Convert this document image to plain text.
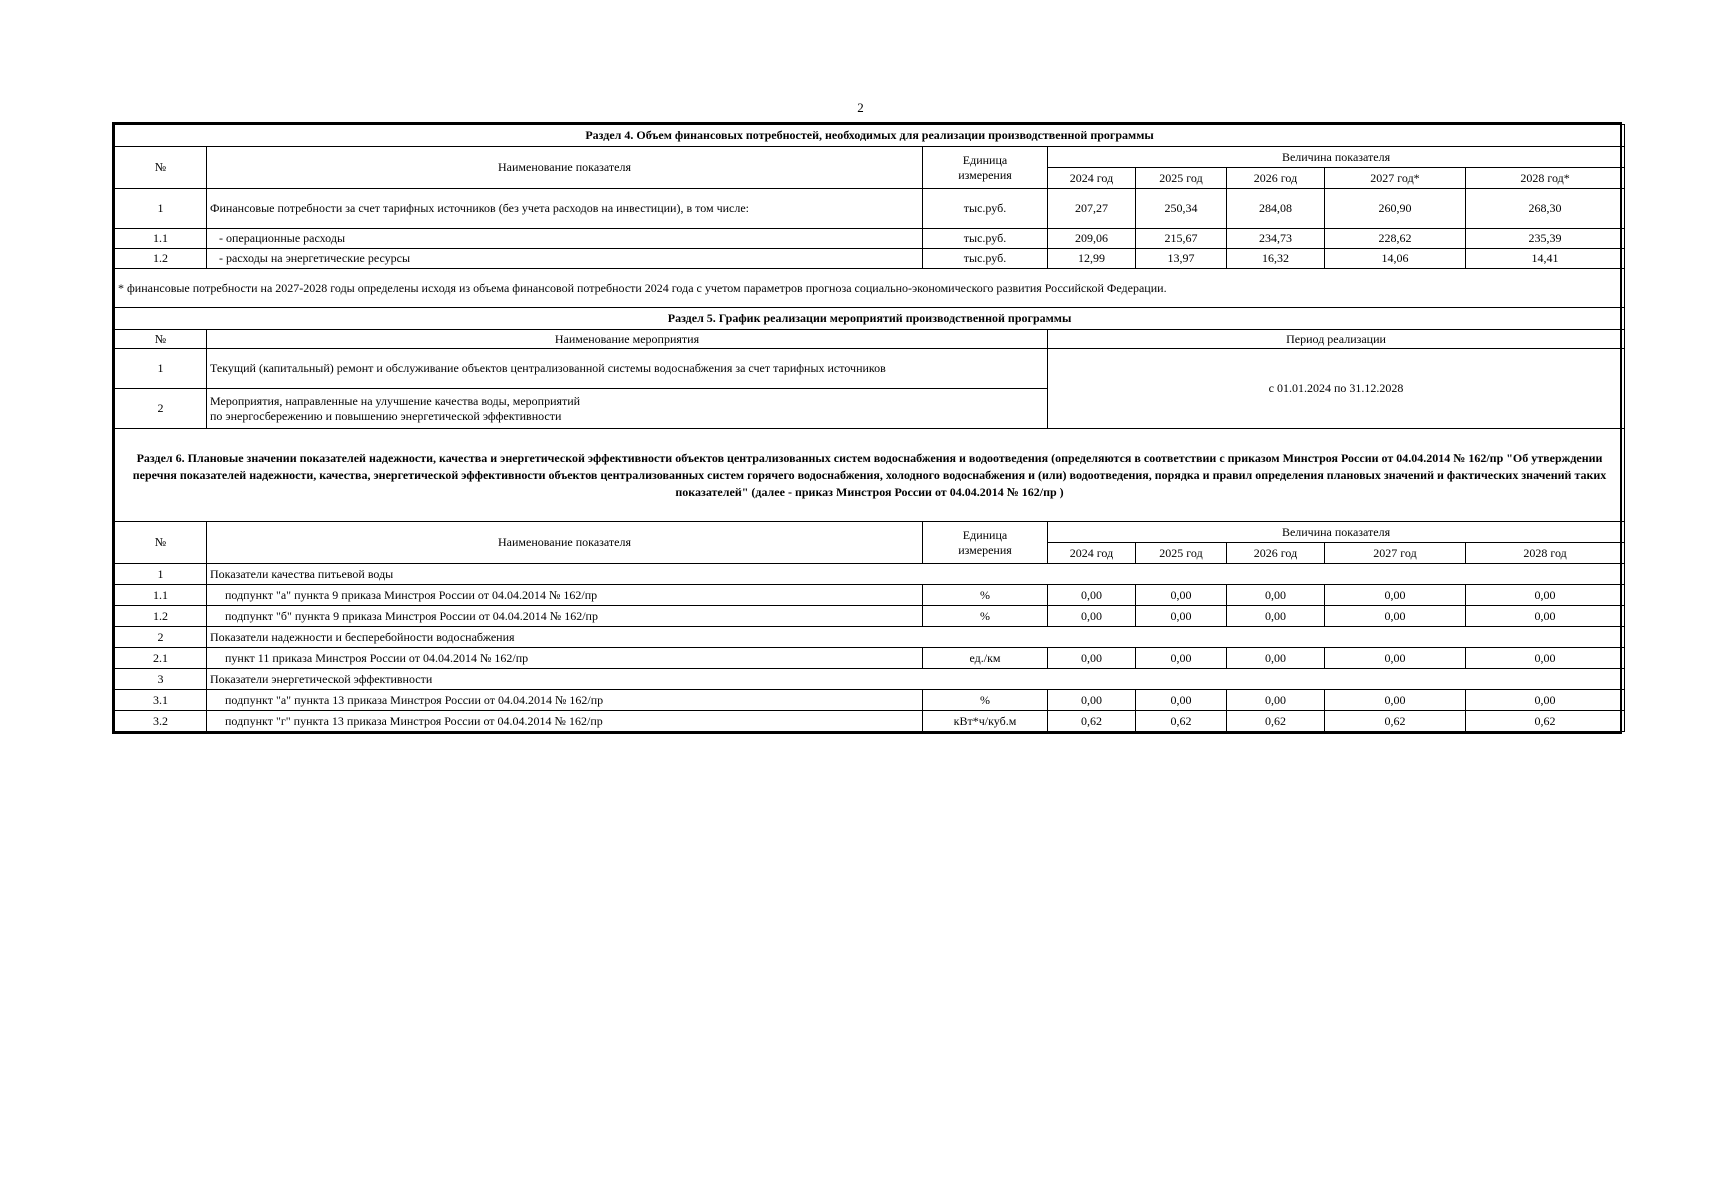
2
Раздел 4. Объем финансовых потребностей, необходимых для реализации производственной программы							
№	Наименование показателя	Единица
измерения	Величина показателя				
			2024 год	2025 год	2026 год	2027 год*	2028 год*
1	Финансовые потребности за счет тарифных источников (без учета расходов на инвестиции), в том числе:	тыс.руб.	207,27	250,34	284,08	260,90	268,30
1.1	- операционные расходы	тыс.руб.	209,06	215,67	234,73	228,62	235,39
1.2	- расходы на энергетические ресурсы	тыс.руб.	12,99	13,97	16,32	14,06	14,41
* финансовые потребности на 2027-2028 годы определены исходя из объема финансовой потребности 2024 года с учетом параметров прогноза социально-экономического развития Российской Федерации.							
Раздел 5. График реализации мероприятий производственной программы							
№	Наименование мероприятия		Период реализации				
1	Текущий (капитальный) ремонт и обслуживание объектов централизованной системы водоснабжения за счет тарифных источников		с 01.01.2024 по 31.12.2028				
2	Мероприятия, направленные на улучшение качества воды, мероприятий
по энергосбережению и повышению энергетической эффективности						

Раздел 6. Плановые значении показателей надежности, качества и энергетической эффективности объектов централизованных систем водоснабжения и водоотведения (определяются в соответствии с приказом Минстроя России от 04.04.2014 № 162/пр "Об утверждении перечня показателей надежности, качества, энергетической эффективности объектов централизованных систем горячего водоснабжения, холодного водоснабжения и (или) водоотведения, порядка и правил определения плановых значений и фактических значений таких показателей" (далее - приказ Минстроя России от 04.04.2014 № 162/пр )							
№	Наименование показателя	Единица
измерения	Величина показателя				
			2024 год	2025 год	2026 год	2027 год	2028 год
1	Показатели качества питьевой воды						
1.1	подпункт "а" пункта 9 приказа Минстроя России от 04.04.2014 № 162/пр	%	0,00	0,00	0,00	0,00	0,00
1.2	подпункт "б" пункта 9 приказа Минстроя России от 04.04.2014 № 162/пр	%	0,00	0,00	0,00	0,00	0,00
2	Показатели надежности и бесперебойности водоснабжения						
2.1	пункт 11 приказа Минстроя России от 04.04.2014 № 162/пр	ед./км	0,00	0,00	0,00	0,00	0,00
3	Показатели энергетической эффективности						
3.1	подпункт "а" пункта 13 приказа Минстроя России от 04.04.2014 № 162/пр	%	0,00	0,00	0,00	0,00	0,00
3.2	подпункт "г" пункта 13 приказа Минстроя России от 04.04.2014 № 162/пр	кВт*ч/куб.м	0,62	0,62	0,62	0,62	0,62
